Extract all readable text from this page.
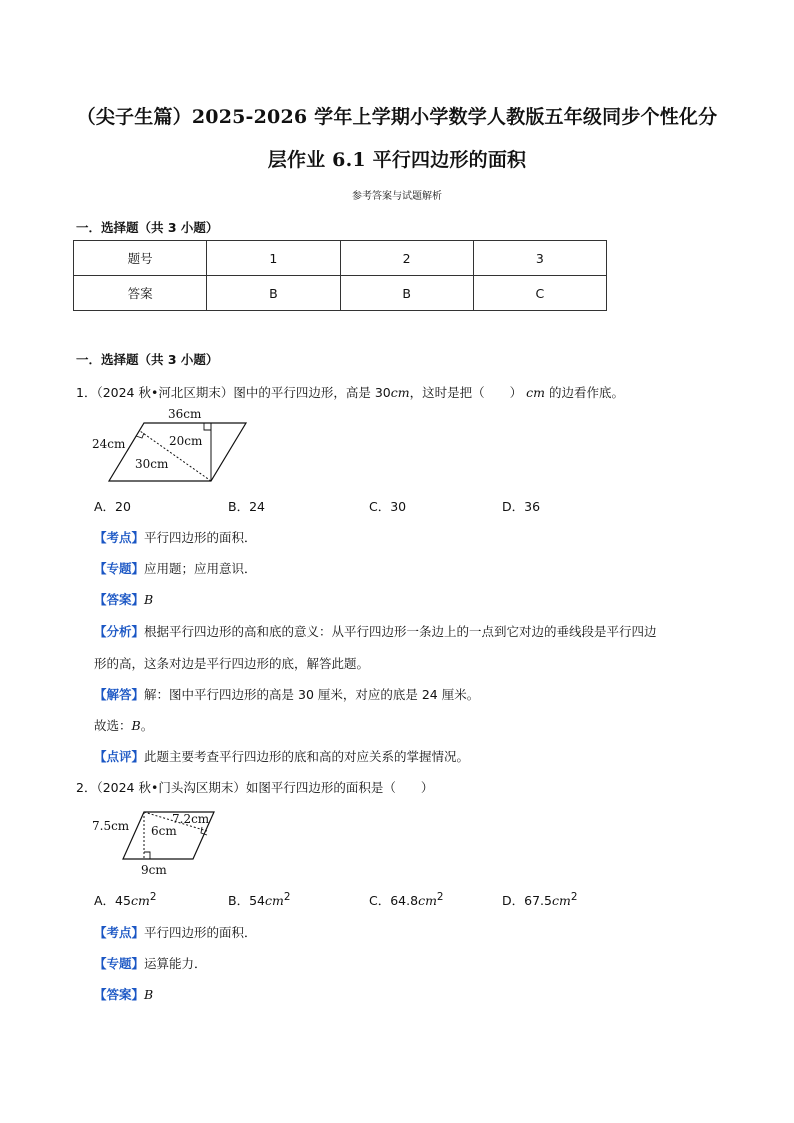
（尖子生篇）2025-2026 学年上学期小学数学人教版五年级同步个性化分
层作业 6.1 平行四边形的面积
参考答案与试题解析
一．选择题（共 3 小题）
题号	1	2	3
答案	B	B	C
一．选择题（共 3 小题）
1．（2024 秋•河北区期末）图中的平行四边形，高是 30cm，这时是把（　　） cm 的边看作底。
36cm
24cm	20cm
30cm
A．20	B．24	C．30	D．36
【考点】平行四边形的面积．
【专题】应用题；应用意识．
【答案】B
【分析】根据平行四边形的高和底的意义：从平行四边形一条边上的一点到它对边的垂线段是平行四边
形的高，这条对边是平行四边形的底，解答此题。
【解答】解：图中平行四边形的高是 30 厘米，对应的底是 24 厘米。
故选：B。
【点评】此题主要考查平行四边形的底和高的对应关系的掌握情况。
2．（2024 秋•门头沟区期末）如图平行四边形的面积是（　　）
7.5cm	7.2cm
6cm
9cm
A．$45cm^2$	B．$54cm^2$	C．$64.8cm^2$	D．$67.5cm^2$
【考点】平行四边形的面积．
【专题】运算能力．
【答案】B
